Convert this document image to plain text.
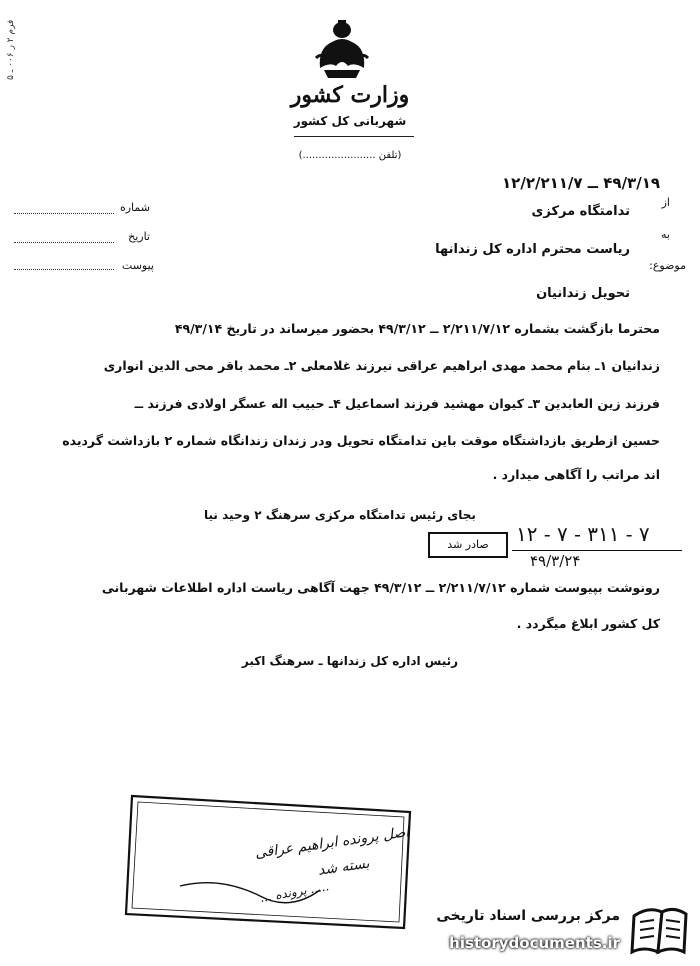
فرم ۲ ر ۰۰۶ ـ ۵
وزارت کشور
شهربانی کل کشور
(تلفن .......................)
۴۹/۳/۱۹ ــ ۱۲/۲/۲۱۱/۷
شماره
تاریخ
پیوست
از
تدامتگاه مرکزی
به
ریاست محترم اداره کل زندانها
موضوع:
تحویل زندانیان
محترما بازگشت بشماره ۲/۲۱۱/۷/۱۲ ــ ۴۹/۳/۱۲ بحضور میرساند در تاریخ ۴۹/۳/۱۴
زندانیان ۱ـ بنام محمد مهدی ابراهیم عراقی نیرزند غلامعلی ۲ـ محمد باقر محی الدین انواری
فرزند زین العابدین ۳ـ کیوان مهشید فرزند اسماعیل ۴ـ حبیب اله عسگر اولادی فرزند ــ
حسین ازطریق بازداشتگاه موقت باین تدامتگاه تحویل ودر زندان زندانگاه شماره ۲ بازداشت گردیده
اند مراتب را آگاهی میدارد .
بجای رئیس تدامتگاه مرکزی سرهنگ ۲ وحید نیا
صادر شد	۷ - ۳۱۱ - ۷ - ۱۲
۴۹/۳/۲۴
رونوشت بپیوست شماره ۲/۲۱۱/۷/۱۲ ــ ۴۹/۳/۱۲ جهت آگاهی ریاست اداره اطلاعات شهربانی
کل کشور ابلاغ میگردد .
رئیس اداره کل زندانها ـ سرهنگ اکبر
اصل پرونده ابراهیم عراقی
بسته شد
..... پرونده ...
مرکز بررسی اسناد تاریخی
historydocuments.ir
